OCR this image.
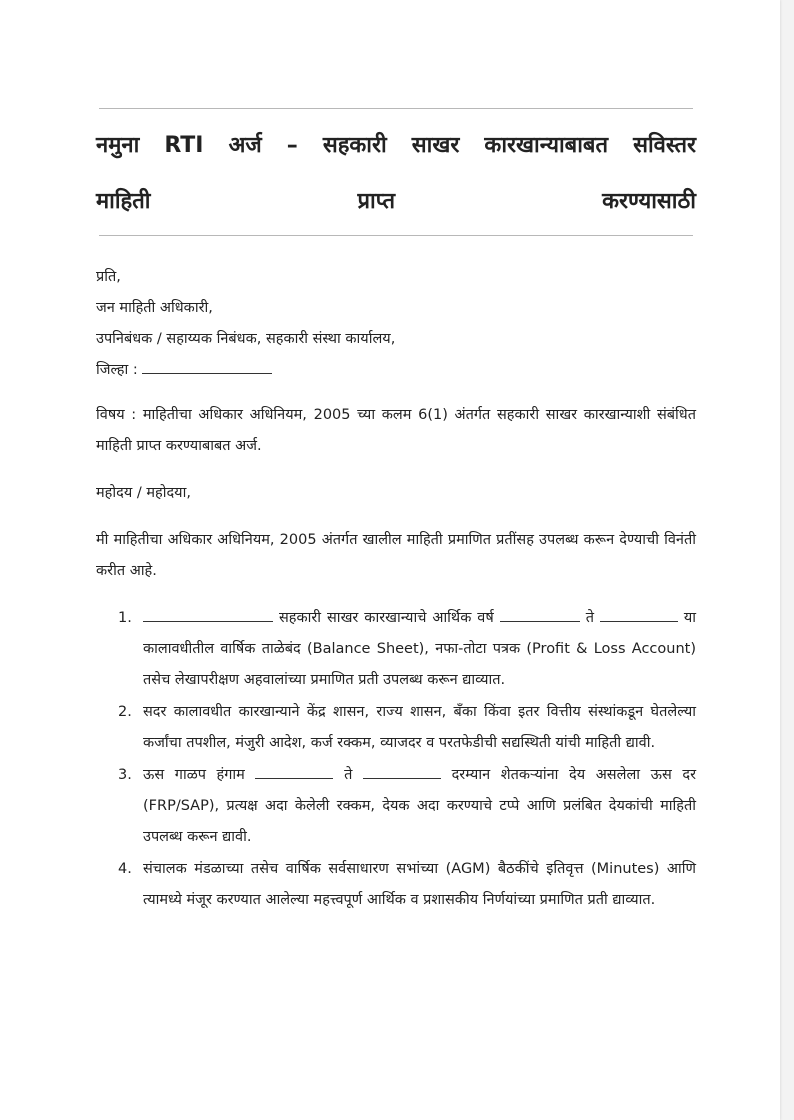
नमुना RTI अर्ज – सहकारी साखर कारखान्याबाबत सविस्तर
माहिती प्राप्त करण्यासाठी

प्रति,

जन माहिती अधिकारी,

उपनिबंधक / सहाय्यक निबंधक, सहकारी संस्था कार्यालय,

जिल्हा :

विषय : माहितीचा अधिकार अधिनियम, 2005 च्या कलम 6(1) अंतर्गत सहकारी साखर कारखान्याशी संबंधित माहिती प्राप्त करण्याबाबत अर्ज.

महोदय / महोदया,

मी माहितीचा अधिकार अधिनियम, 2005 अंतर्गत खालील माहिती प्रमाणित प्रतींसह उपलब्ध करून देण्याची विनंती करीत आहे.

1.	सहकारी साखर कारखान्याचे आर्थिक वर्ष	ते	या कालावधीतील वार्षिक ताळेबंद (Balance Sheet), नफा-तोटा पत्रक (Profit & Loss Account) तसेच लेखापरीक्षण अहवालांच्या प्रमाणित प्रती उपलब्ध करून द्याव्यात.
2. सदर कालावधीत कारखान्याने केंद्र शासन, राज्य शासन, बँका किंवा इतर वित्तीय संस्थांकडून घेतलेल्या कर्जांचा तपशील, मंजुरी आदेश, कर्ज रक्कम, व्याजदर व परतफेडीची सद्यस्थिती यांची माहिती द्यावी.
3. ऊस गाळप हंगाम	ते	दरम्यान शेतकऱ्यांना देय असलेला ऊस दर (FRP/SAP), प्रत्यक्ष अदा केलेली रक्कम, देयक अदा करण्याचे टप्पे आणि प्रलंबित देयकांची माहिती उपलब्ध करून द्यावी.
4. संचालक मंडळाच्या तसेच वार्षिक सर्वसाधारण सभांच्या (AGM) बैठकींचे इतिवृत्त (Minutes) आणि त्यामध्ये मंजूर करण्यात आलेल्या महत्त्वपूर्ण आर्थिक व प्रशासकीय निर्णयांच्या प्रमाणित प्रती द्याव्यात.
